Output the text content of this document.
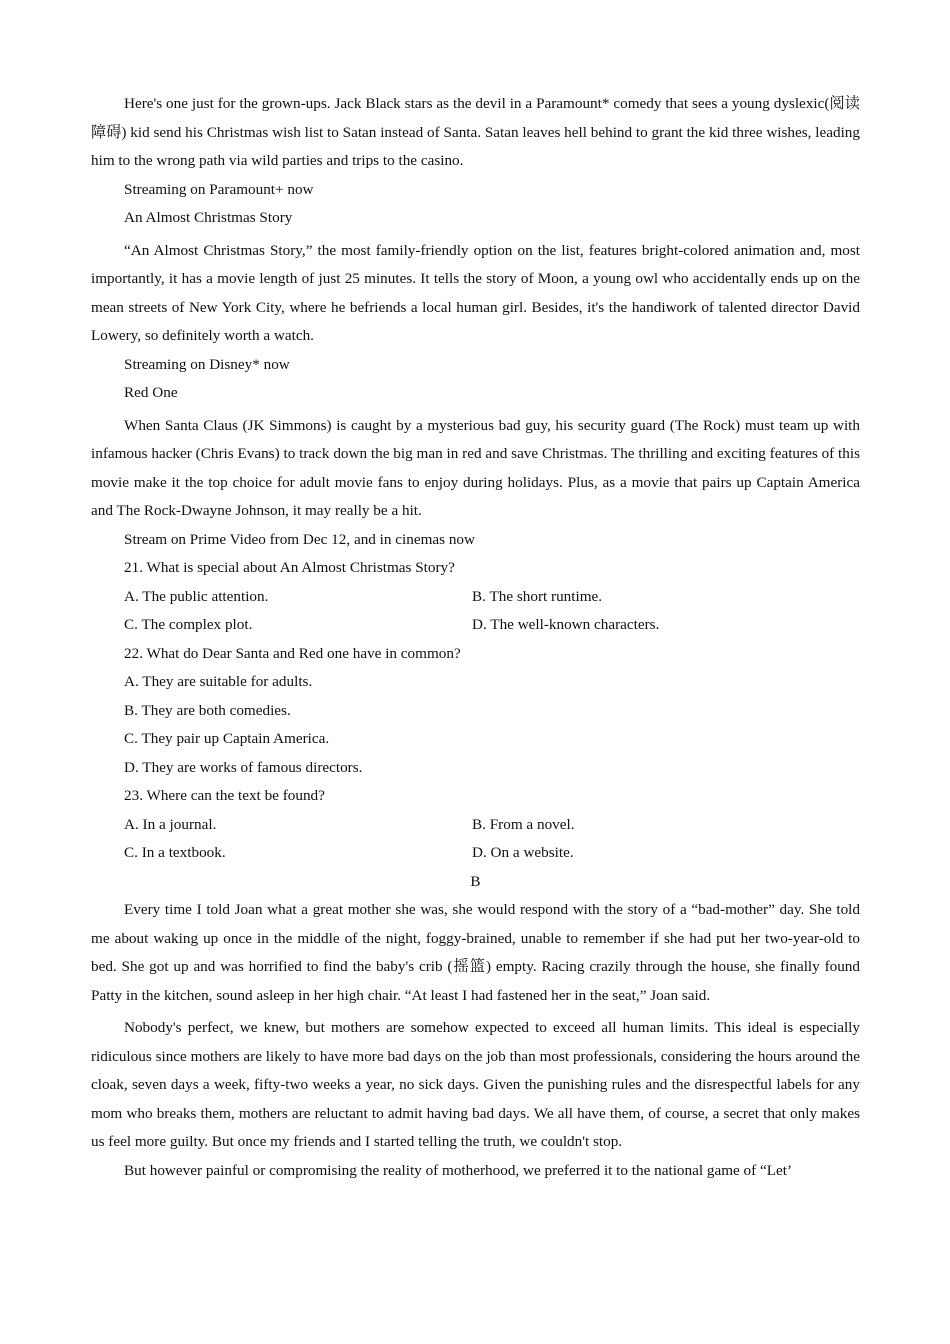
Here's one just for the grown-ups. Jack Black stars as the devil in a Paramount* comedy that sees a young dyslexic(阅读障碍) kid send his Christmas wish list to Satan instead of Santa. Satan leaves hell behind to grant the kid three wishes, leading him to the wrong path via wild parties and trips to the casino.

Streaming on Paramount+ now

An Almost Christmas Story

“An Almost Christmas Story,” the most family-friendly option on the list, features bright-colored animation and, most importantly, it has a movie length of just 25 minutes. It tells the story of Moon, a young owl who accidentally ends up on the mean streets of New York City, where he befriends a local human girl. Besides, it's the handiwork of talented director David Lowery, so definitely worth a watch.

Streaming on Disney* now

Red One

When Santa Claus (JK Simmons) is caught by a mysterious bad guy, his security guard (The Rock) must team up with infamous hacker (Chris Evans) to track down the big man in red and save Christmas. The thrilling and exciting features of this movie make it the top choice for adult movie fans to enjoy during holidays. Plus, as a movie that pairs up Captain America and The Rock-Dwayne Johnson, it may really be a hit.

Stream on Prime Video from Dec 12, and in cinemas now

21. What is special about An Almost Christmas Story?

A. The public attention.	B. The short runtime.
C. The complex plot.	D. The well-known characters.

22. What do Dear Santa and Red one have in common?

A. They are suitable for adults.

B. They are both comedies.

C. They pair up Captain America.

D. They are works of famous directors.

23. Where can the text be found?

A. In a journal.	B. From a novel.
C. In a textbook.	D. On a website.

B

Every time I told Joan what a great mother she was, she would respond with the story of a “bad-mother” day. She told me about waking up once in the middle of the night, foggy-brained, unable to remember if she had put her two-year-old to bed. She got up and was horrified to find the baby's crib (摇篮) empty. Racing crazily through the house, she finally found Patty in the kitchen, sound asleep in her high chair. “At least I had fastened her in the seat,” Joan said.

Nobody's perfect, we knew, but mothers are somehow expected to exceed all human limits. This ideal is especially ridiculous since mothers are likely to have more bad days on the job than most professionals, considering the hours around the cloak, seven days a week, fifty-two weeks a year, no sick days. Given the punishing rules and the disrespectful labels for any mom who breaks them, mothers are reluctant to admit having bad days. We all have them, of course, a secret that only makes us feel more guilty. But once my friends and I started telling the truth, we couldn't stop.

But however painful or compromising the reality of motherhood, we preferred it to the national game of “Let’
